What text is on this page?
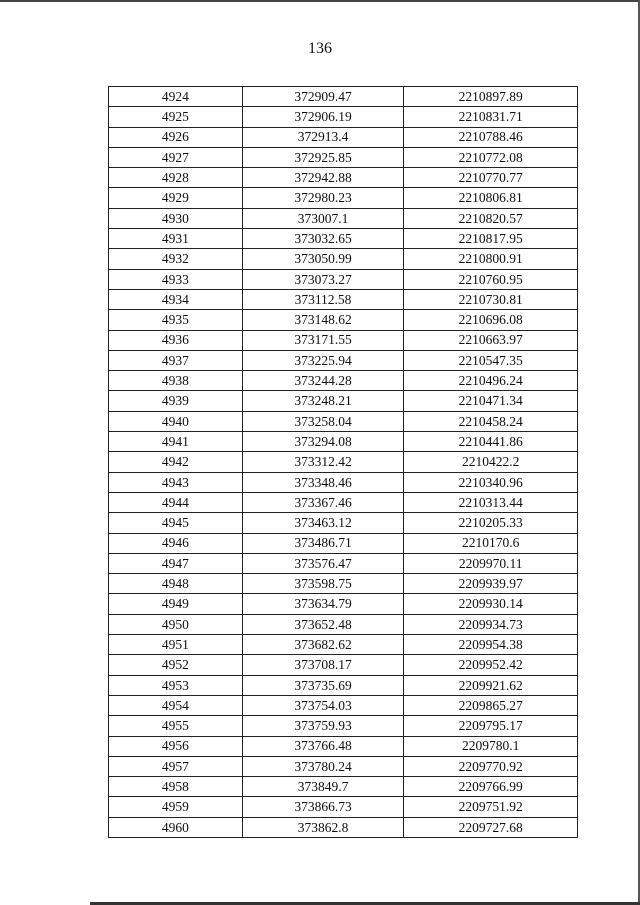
136
4924	372909.47	2210897.89
4925	372906.19	2210831.71
4926	372913.4	2210788.46
4927	372925.85	2210772.08
4928	372942.88	2210770.77
4929	372980.23	2210806.81
4930	373007.1	2210820.57
4931	373032.65	2210817.95
4932	373050.99	2210800.91
4933	373073.27	2210760.95
4934	373112.58	2210730.81
4935	373148.62	2210696.08
4936	373171.55	2210663.97
4937	373225.94	2210547.35
4938	373244.28	2210496.24
4939	373248.21	2210471.34
4940	373258.04	2210458.24
4941	373294.08	2210441.86
4942	373312.42	2210422.2
4943	373348.46	2210340.96
4944	373367.46	2210313.44
4945	373463.12	2210205.33
4946	373486.71	2210170.6
4947	373576.47	2209970.11
4948	373598.75	2209939.97
4949	373634.79	2209930.14
4950	373652.48	2209934.73
4951	373682.62	2209954.38
4952	373708.17	2209952.42
4953	373735.69	2209921.62
4954	373754.03	2209865.27
4955	373759.93	2209795.17
4956	373766.48	2209780.1
4957	373780.24	2209770.92
4958	373849.7	2209766.99
4959	373866.73	2209751.92
4960	373862.8	2209727.68
